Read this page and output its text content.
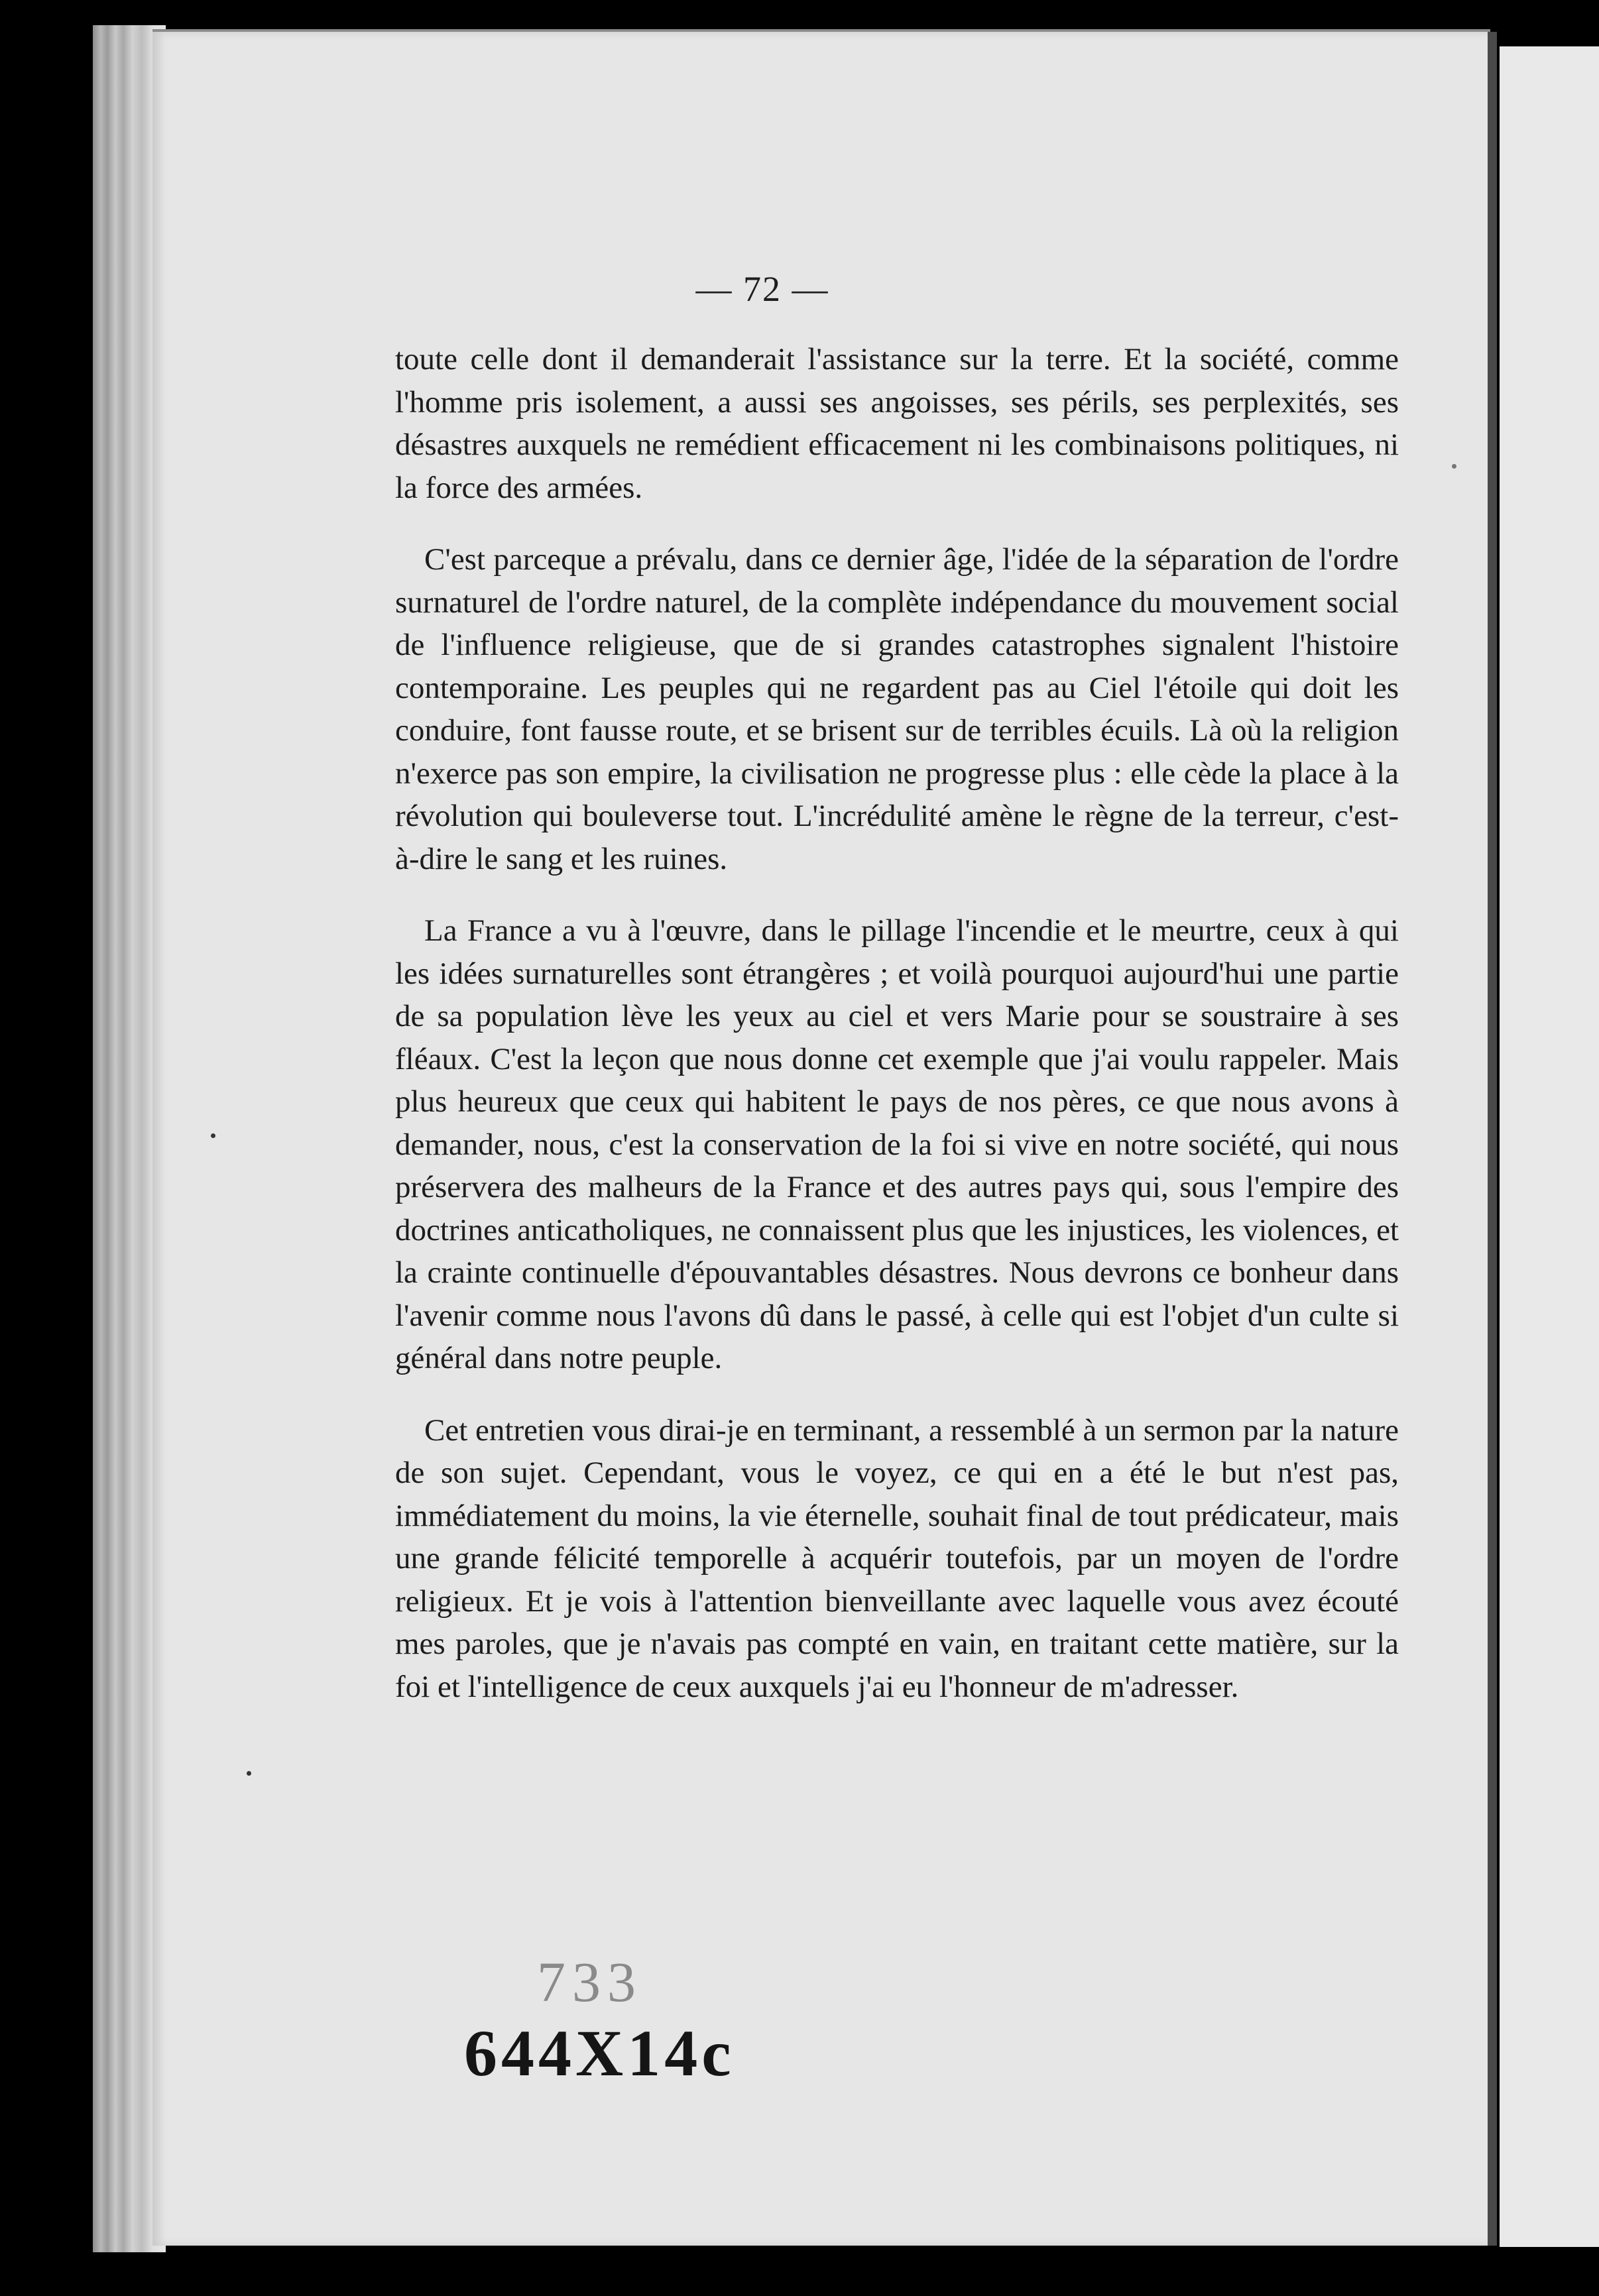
— 72 —

toute celle dont il demanderait l'assistance sur la terre. Et la société, comme l'homme pris isolement, a aussi ses angoisses, ses périls, ses perplexités, ses désastres auxquels ne remédient efficacement ni les combinaisons politiques, ni la force des armées.

C'est parceque a prévalu, dans ce dernier âge, l'idée de la séparation de l'ordre surnaturel de l'ordre naturel, de la complète indépendance du mouvement social de l'influence religieuse, que de si grandes catastrophes signalent l'histoire contemporaine. Les peuples qui ne regardent pas au Ciel l'étoile qui doit les conduire, font fausse route, et se brisent sur de terribles écuils. Là où la religion n'exerce pas son empire, la civilisation ne progresse plus : elle cède la place à la révolution qui bouleverse tout. L'incrédulité amène le règne de la terreur, c'est-à-dire le sang et les ruines.

La France a vu à l'œuvre, dans le pillage l'incendie et le meurtre, ceux à qui les idées surnaturelles sont étrangères ; et voilà pourquoi aujourd'hui une partie de sa population lève les yeux au ciel et vers Marie pour se soustraire à ses fléaux. C'est la leçon que nous donne cet exemple que j'ai voulu rappeler. Mais plus heureux que ceux qui habitent le pays de nos pères, ce que nous avons à demander, nous, c'est la conservation de la foi si vive en notre société, qui nous préservera des malheurs de la France et des autres pays qui, sous l'empire des doctrines anticatholiques, ne connaissent plus que les injustices, les violences, et la crainte continuelle d'épouvantables désastres. Nous devrons ce bonheur dans l'avenir comme nous l'avons dû dans le passé, à celle qui est l'objet d'un culte si général dans notre peuple.

Cet entretien vous dirai-je en terminant, a ressemblé à un sermon par la nature de son sujet. Cependant, vous le voyez, ce qui en a été le but n'est pas, immédiatement du moins, la vie éternelle, souhait final de tout prédicateur, mais une grande félicité temporelle à acquérir toutefois, par un moyen de l'ordre religieux. Et je vois à l'attention bienveillante avec laquelle vous avez écouté mes paroles, que je n'avais pas compté en vain, en traitant cette matière, sur la foi et l'intelligence de ceux auxquels j'ai eu l'honneur de m'adresser.

733
644X14c
